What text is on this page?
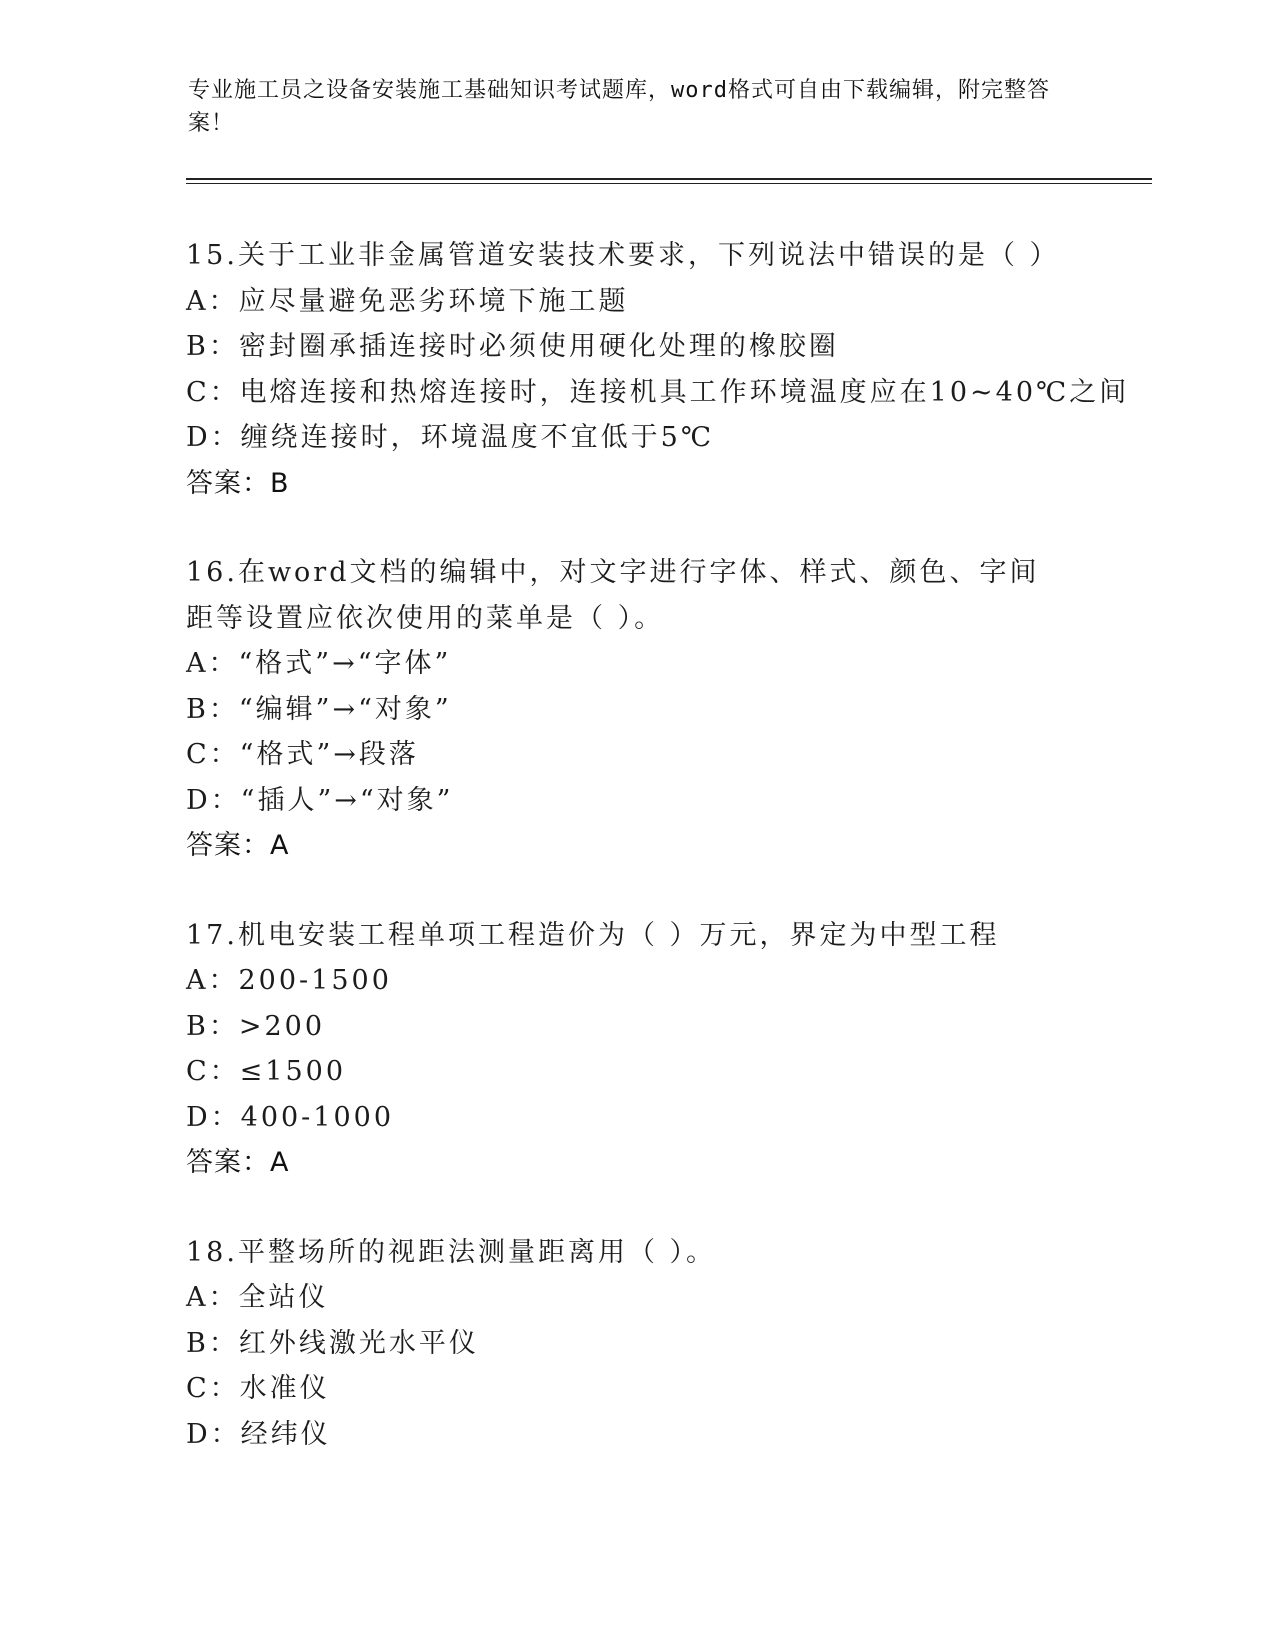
专业施工员之设备安装施工基础知识考试题库，word格式可自由下载编辑，附完整答案！
15.关于工业非金属管道安装技术要求，下列说法中错误的是（ ）
A：应尽量避免恶劣环境下施工题
B：密封圈承插连接时必须使用硬化处理的橡胶圈
C：电熔连接和热熔连接时，连接机具工作环境温度应在10~40℃之间
D：缠绕连接时，环境温度不宜低于5℃
答案：B
16.在word文档的编辑中，对文字进行字体、样式、颜色、字间距等设置应依次使用的菜单是（ ）。
A：“格式”→“字体”
B：“编辑”→“对象”
C：“格式”→段落
D：“插人”→“对象”
答案：A
17.机电安装工程单项工程造价为（ ）万元，界定为中型工程
A：200-1500
B：>200
C：≤1500
D：400-1000
答案：A
18.平整场所的视距法测量距离用（ ）。
A：全站仪
B：红外线激光水平仪
C：水准仪
D：经纬仪
